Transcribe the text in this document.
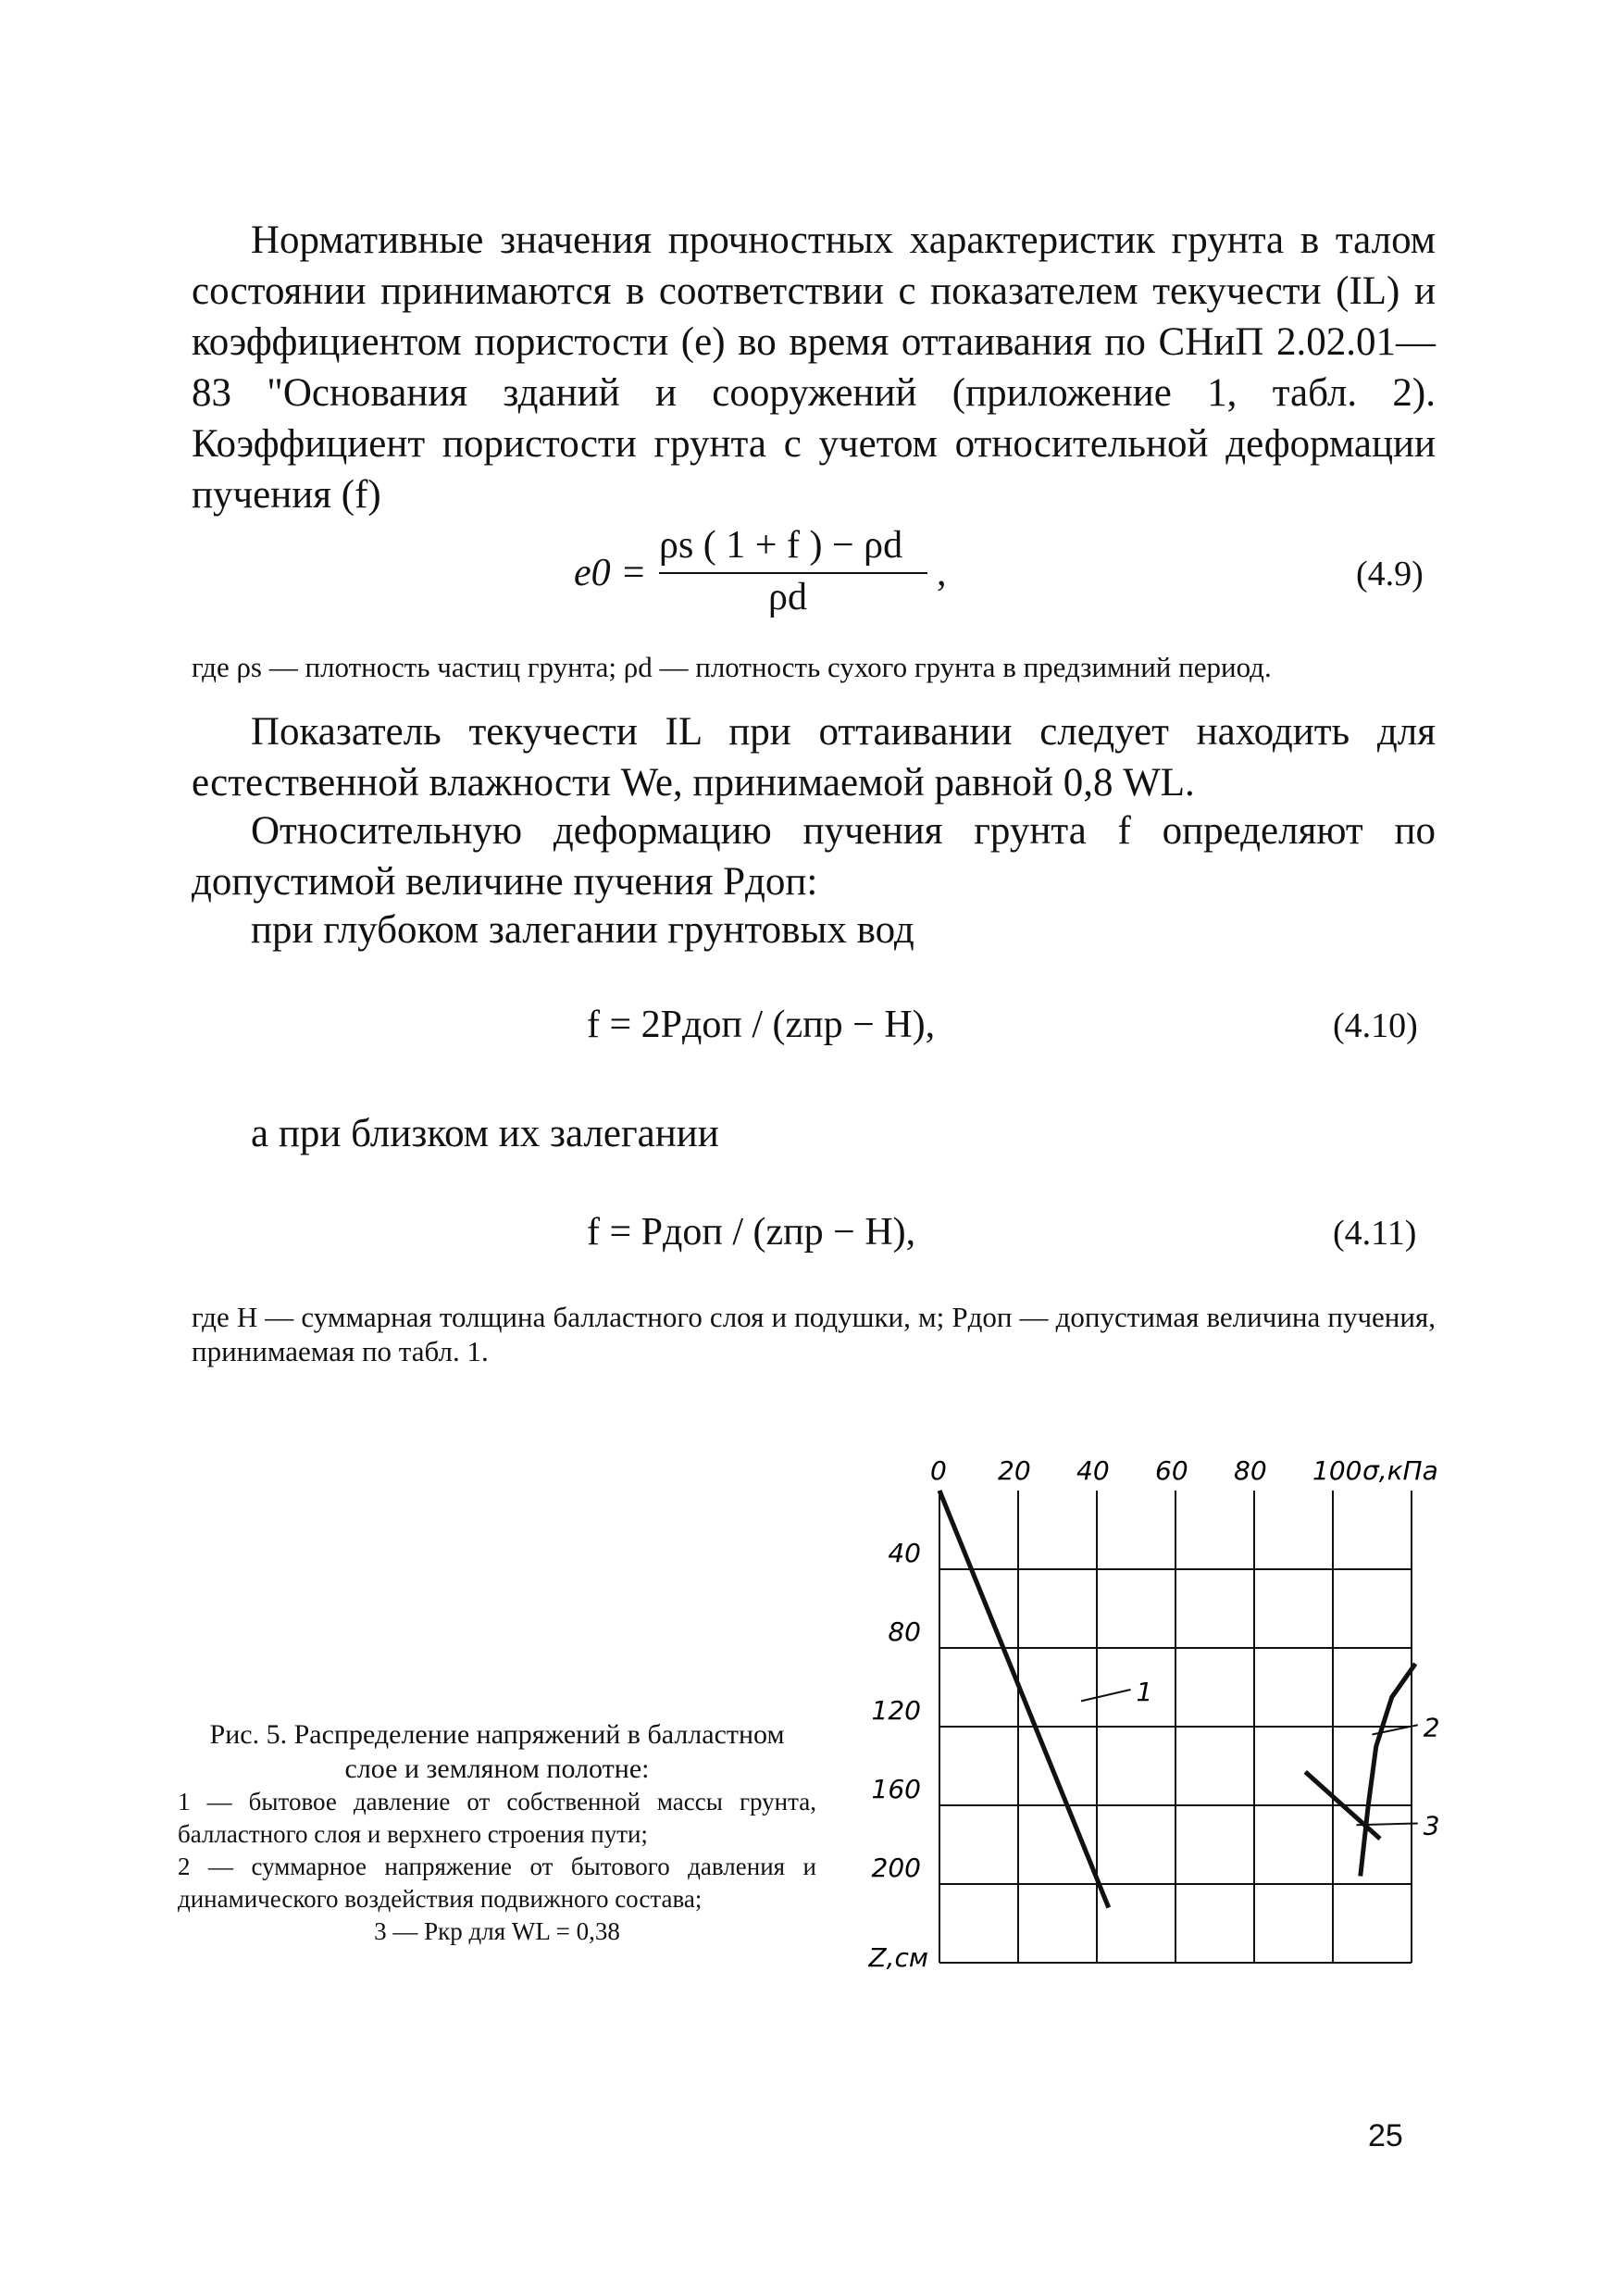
Нормативные значения прочностных характеристик грунта в талом состоянии принимаются в соответствии с показателем текучести (IL) и коэффициентом пористости (e) во время оттаивания по СНиП 2.02.01—83 "Основания зданий и сооружений (приложение 1, табл. 2). Коэффициент пористости грунта с учетом относительной деформации пучения (f)

e0 =
ρs ( 1 + f ) − ρd
ρd
,	(4.9)

где ρs — плотность частиц грунта; ρd — плотность сухого грунта в предзимний период.

Показатель текучести IL при оттаивании следует находить для естественной влажности We, принимаемой равной 0,8 WL.

Относительную деформацию пучения грунта f определяют по допустимой величине пучения Pдоп:

при глубоком залегании грунтовых вод

f = 2Pдоп / (zпр − H),	(4.10)

а при близком их залегании

f = Pдоп / (zпр − H),	(4.11)

где H — суммарная толщина балластного слоя и подушки, м; Pдоп — допустимая величина пучения, принимаемая по табл. 1.

Рис. 5. Распределение напряжений в балластном слое и земляном полотне:
1 — бытовое давление от собственной массы грунта, балластного слоя и верхнего строения пути;
2 — суммарное напряжение от бытового давления и динамического воздействия подвижного состава;
3 — Pкр для WL = 0,38
0 20 40 60 80 100 σ,кПа
40
80
120
160
200
Z,см
1
2
3
25
